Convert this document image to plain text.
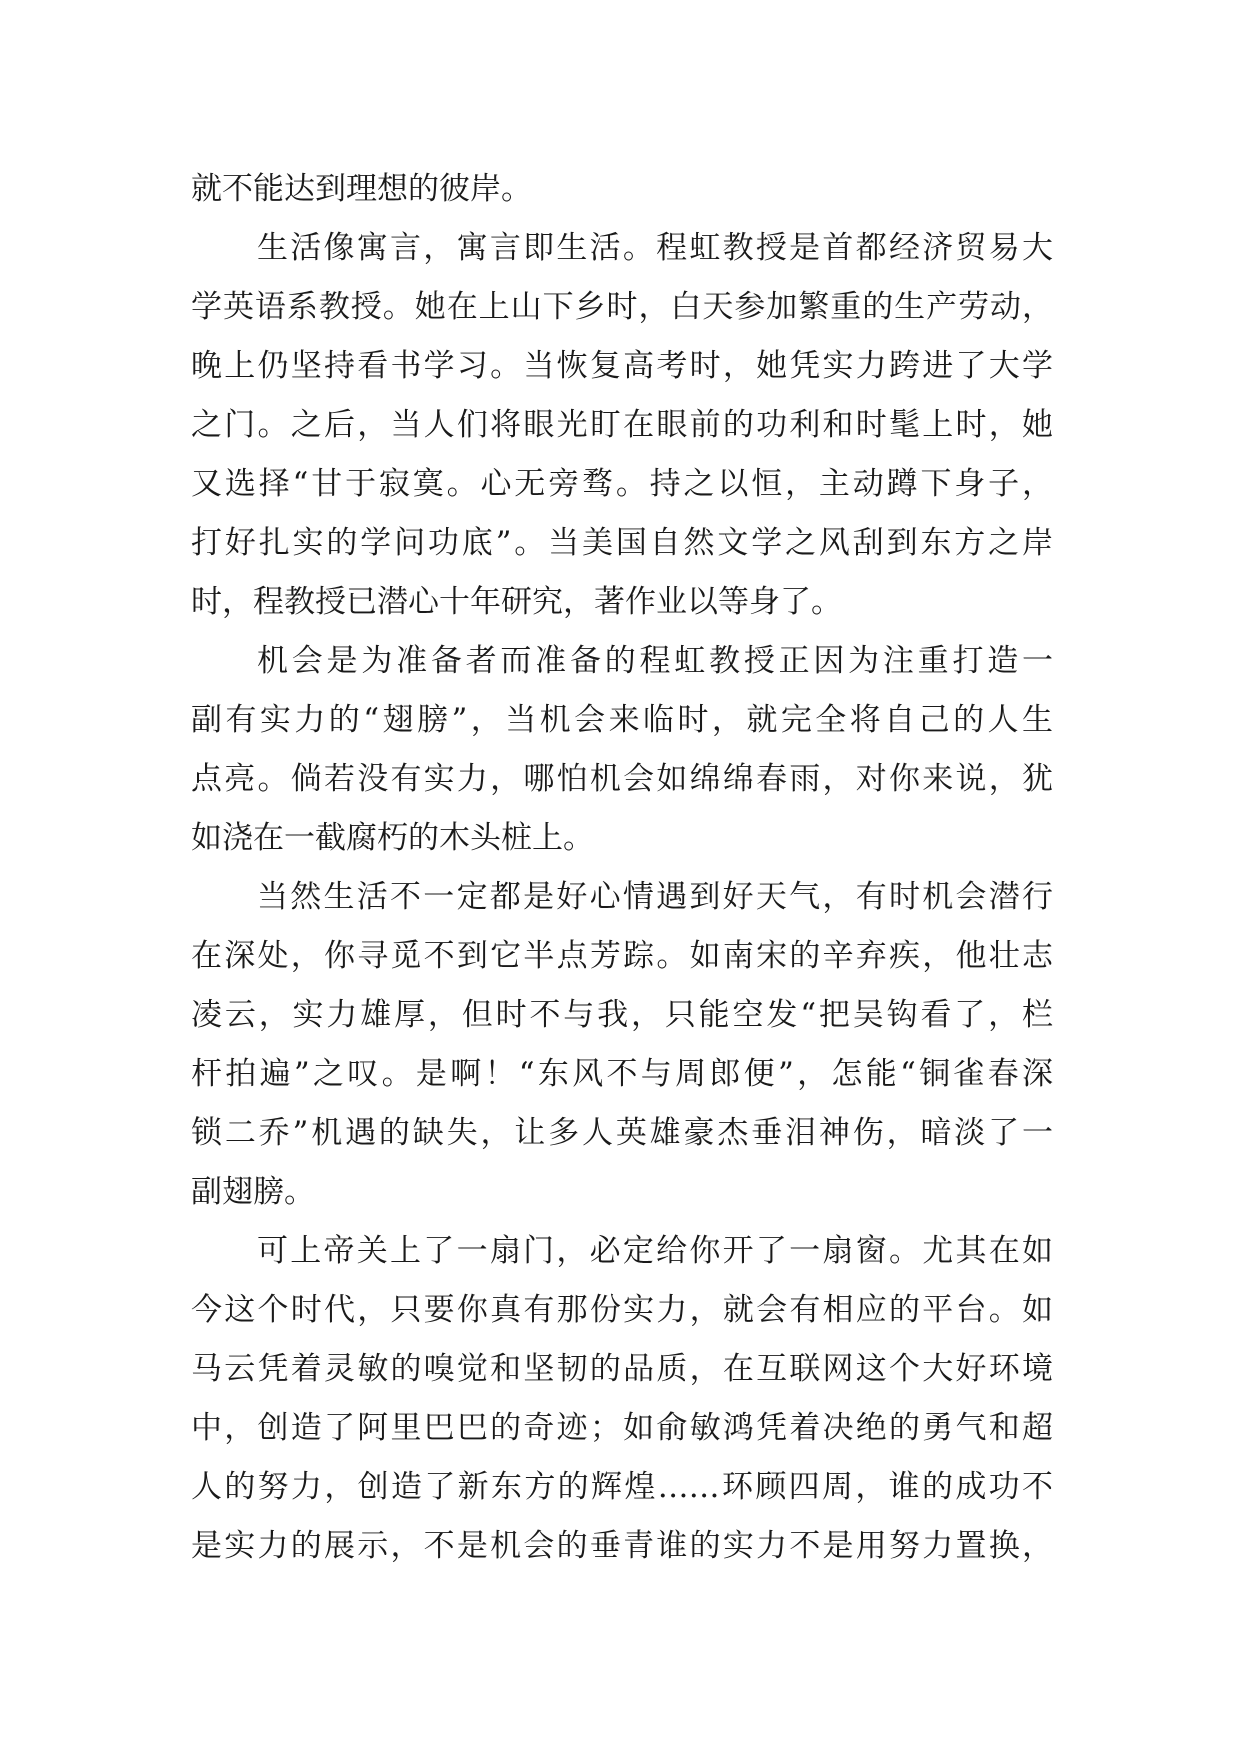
就不能达到理想的彼岸。
生活像寓言，寓言即生活。程虹教授是首都经济贸易大
学英语系教授。她在上山下乡时，白天参加繁重的生产劳动，
晚上仍坚持看书学习。当恢复高考时，她凭实力跨进了大学
之门。之后，当人们将眼光盯在眼前的功利和时髦上时，她
又选择“甘于寂寞。心无旁骛。持之以恒，主动蹲下身子，
打好扎实的学问功底”。当美国自然文学之风刮到东方之岸
时，程教授已潜心十年研究，著作业以等身了。
机会是为准备者而准备的程虹教授正因为注重打造一
副有实力的“翅膀”，当机会来临时，就完全将自己的人生
点亮。倘若没有实力，哪怕机会如绵绵春雨，对你来说，犹
如浇在一截腐朽的木头桩上。
当然生活不一定都是好心情遇到好天气，有时机会潜行
在深处，你寻觅不到它半点芳踪。如南宋的辛弃疾，他壮志
凌云，实力雄厚，但时不与我，只能空发“把吴钩看了，栏
杆拍遍”之叹。是啊！“东风不与周郎便”，怎能“铜雀春深
锁二乔”机遇的缺失，让多人英雄豪杰垂泪神伤，暗淡了一
副翅膀。
可上帝关上了一扇门，必定给你开了一扇窗。尤其在如
今这个时代，只要你真有那份实力，就会有相应的平台。如
马云凭着灵敏的嗅觉和坚韧的品质，在互联网这个大好环境
中，创造了阿里巴巴的奇迹；如俞敏鸿凭着决绝的勇气和超
人的努力，创造了新东方的辉煌……环顾四周，谁的成功不
是实力的展示，不是机会的垂青谁的实力不是用努力置换，
